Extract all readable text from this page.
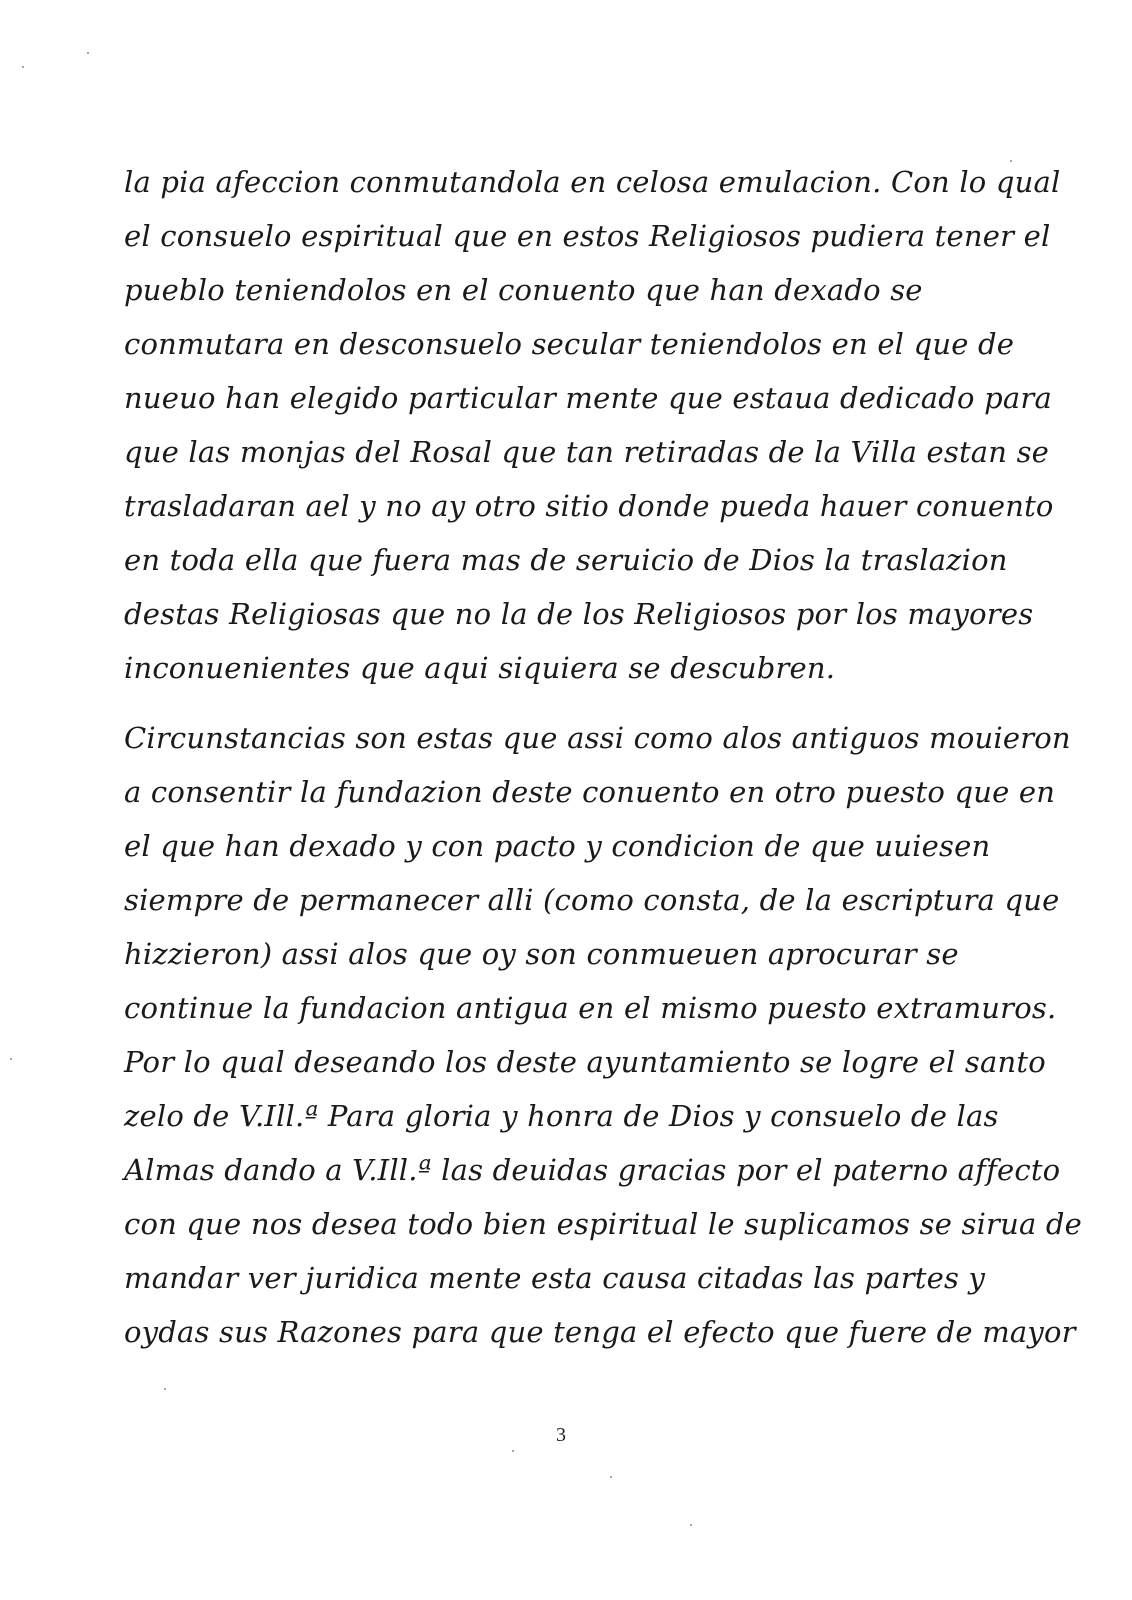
la pia afeccion conmutandola en celosa emulacion. Con lo qual
el consuelo espiritual que en estos Religiosos pudiera tener el
pueblo teniendolos en el conuento que han dexado se
conmutara en desconsuelo secular teniendolos en el que de
nueuo han elegido particular mente que estaua dedicado para
que las monjas del Rosal que tan retiradas de la Villa estan se
trasladaran ael y no ay otro sitio donde pueda hauer conuento
en toda ella que fuera mas de seruicio de Dios la traslazion
destas Religiosas que no la de los Religiosos por los mayores
inconuenientes que aqui siquiera se descubren.
Circunstancias son estas que assi como alos antiguos mouieron
a consentir la fundazion deste conuento en otro puesto que en
el que han dexado y con pacto y condicion de que uuiesen
siempre de permanecer alli (como consta, de la escriptura que
hizzieron) assi alos que oy son conmueuen aprocurar se
continue la fundacion antigua en el mismo puesto extramuros.
Por lo qual deseando los deste ayuntamiento se logre el santo
zelo de V.Ill.ª Para gloria y honra de Dios y consuelo de las
Almas dando a V.Ill.ª las deuidas gracias por el paterno affecto
con que nos desea todo bien espiritual le suplicamos se sirua de
mandar ver juridica mente esta causa citadas las partes y
oydas sus Razones para que tenga el efecto que fuere de mayor
3
